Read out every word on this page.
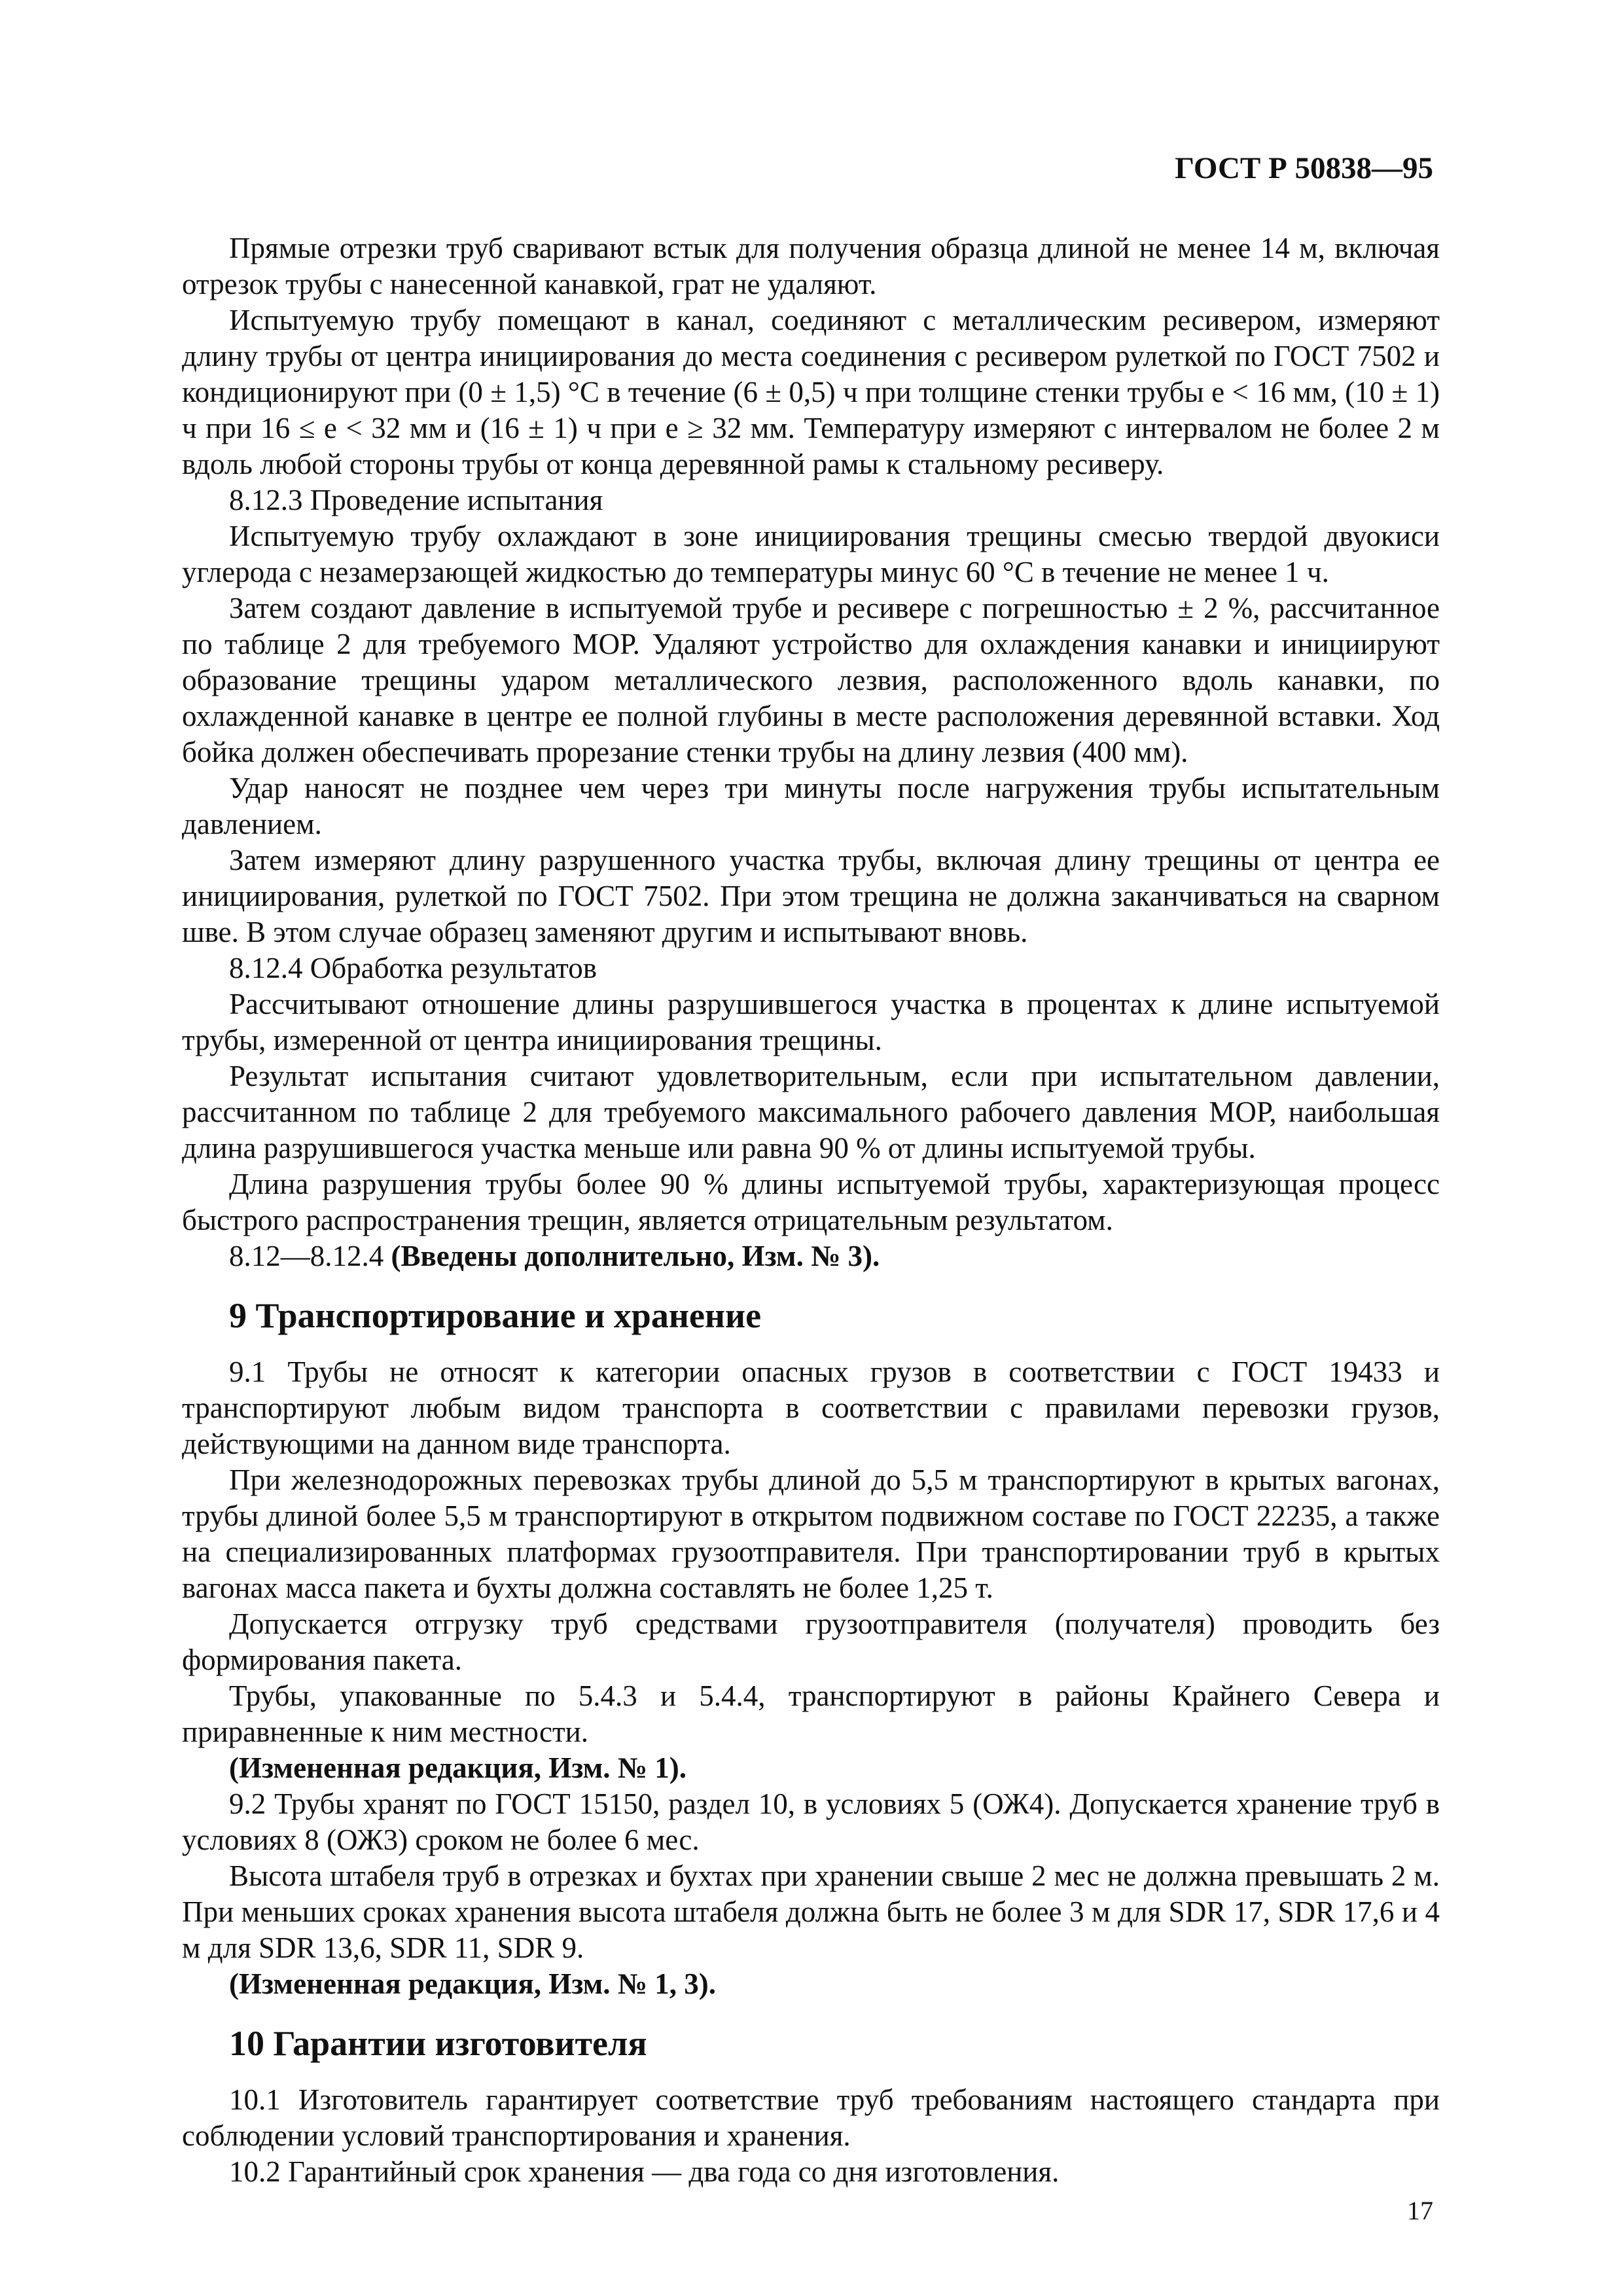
ГОСТ Р 50838—95

Прямые отрезки труб сваривают встык для получения образца длиной не менее 14 м, включая отрезок трубы с нанесенной канавкой, грат не удаляют.

Испытуемую трубу помещают в канал, соединяют с металлическим ресивером, измеряют длину трубы от центра инициирования до места соединения с ресивером рулеткой по ГОСТ 7502 и кондиционируют при (0 ± 1,5) °С в течение (6 ± 0,5) ч при толщине стенки трубы e < 16 мм, (10 ± 1) ч при 16 ≤ e < 32 мм и (16 ± 1) ч при e ≥ 32 мм. Температуру измеряют с интервалом не более 2 м вдоль любой стороны трубы от конца деревянной рамы к стальному ресиверу.

8.12.3 Проведение испытания

Испытуемую трубу охлаждают в зоне инициирования трещины смесью твердой двуокиси углерода с незамерзающей жидкостью до температуры минус 60 °С в течение не менее 1 ч.

Затем создают давление в испытуемой трубе и ресивере с погрешностью ± 2 %, рассчитанное по таблице 2 для требуемого МОР. Удаляют устройство для охлаждения канавки и инициируют образование трещины ударом металлического лезвия, расположенного вдоль канавки, по охлажденной канавке в центре ее полной глубины в месте расположения деревянной вставки. Ход бойка должен обеспечивать прорезание стенки трубы на длину лезвия (400 мм).

Удар наносят не позднее чем через три минуты после нагружения трубы испытательным давлением.

Затем измеряют длину разрушенного участка трубы, включая длину трещины от центра ее инициирования, рулеткой по ГОСТ 7502. При этом трещина не должна заканчиваться на сварном шве. В этом случае образец заменяют другим и испытывают вновь.

8.12.4 Обработка результатов

Рассчитывают отношение длины разрушившегося участка в процентах к длине испытуемой трубы, измеренной от центра инициирования трещины.

Результат испытания считают удовлетворительным, если при испытательном давлении, рассчитанном по таблице 2 для требуемого максимального рабочего давления МОР, наибольшая длина разрушившегося участка меньше или равна 90 % от длины испытуемой трубы.

Длина разрушения трубы более 90 % длины испытуемой трубы, характеризующая процесс быстрого распространения трещин, является отрицательным результатом.

8.12—8.12.4 (Введены дополнительно, Изм. № 3).

9 Транспортирование и хранение

9.1 Трубы не относят к категории опасных грузов в соответствии с ГОСТ 19433 и транспортируют любым видом транспорта в соответствии с правилами перевозки грузов, действующими на данном виде транспорта.

При железнодорожных перевозках трубы длиной до 5,5 м транспортируют в крытых вагонах, трубы длиной более 5,5 м транспортируют в открытом подвижном составе по ГОСТ 22235, а также на специализированных платформах грузоотправителя. При транспортировании труб в крытых вагонах масса пакета и бухты должна составлять не более 1,25 т.

Допускается отгрузку труб средствами грузоотправителя (получателя) проводить без формирования пакета.

Трубы, упакованные по 5.4.3 и 5.4.4, транспортируют в районы Крайнего Севера и приравненные к ним местности.

(Измененная редакция, Изм. № 1).

9.2 Трубы хранят по ГОСТ 15150, раздел 10, в условиях 5 (ОЖ4). Допускается хранение труб в условиях 8 (ОЖ3) сроком не более 6 мес.

Высота штабеля труб в отрезках и бухтах при хранении свыше 2 мес не должна превышать 2 м. При меньших сроках хранения высота штабеля должна быть не более 3 м для SDR 17, SDR 17,6 и 4 м для SDR 13,6, SDR 11, SDR 9.

(Измененная редакция, Изм. № 1, 3).

10 Гарантии изготовителя

10.1 Изготовитель гарантирует соответствие труб требованиям настоящего стандарта при соблюдении условий транспортирования и хранения.

10.2 Гарантийный срок хранения — два года со дня изготовления.

17
